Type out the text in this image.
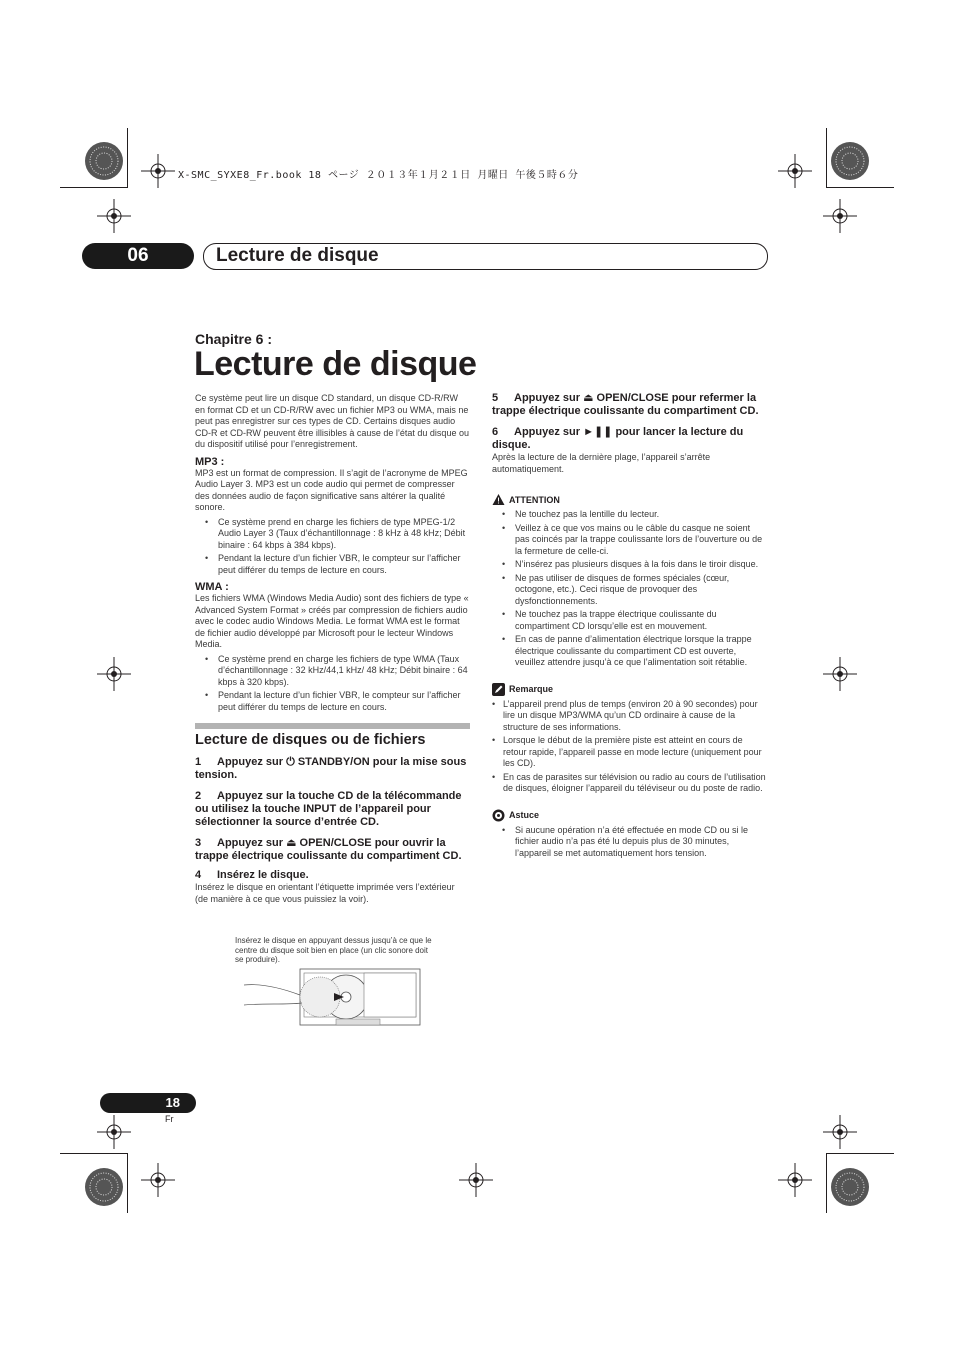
X-SMC_SYXE8_Fr.book 18 ページ ２０１３年１月２１日 月曜日 午後５時６分
06	Lecture de disque
Chapitre 6 :
Lecture de disque

Ce système peut lire un disque CD standard, un disque CD-R/RW en format CD et un CD-R/RW avec un fichier MP3 ou WMA, mais ne peut pas enregistrer sur ces types de CD. Certains disques audio CD-R et CD-RW peuvent être illisibles à cause de l’état du disque ou du dispositif utilisé pour l’enregistrement.

MP3 :

MP3 est un format de compression. Il s’agit de l’acronyme de MPEG Audio Layer 3. MP3 est un code audio qui permet de compresser des données audio de façon significative sans altérer la qualité sonore.

• Ce système prend en charge les fichiers de type MPEG-1/2 Audio Layer 3 (Taux d’échantillonnage : 8 kHz à 48 kHz; Débit binaire : 64 kbps à 384 kbps).
• Pendant la lecture d’un fichier VBR, le compteur sur l’afficher peut différer du temps de lecture en cours.

WMA :

Les fichiers WMA (Windows Media Audio) sont des fichiers de type « Advanced System Format » créés par compression de fichiers audio avec le codec audio Windows Media. Le format WMA est le format de fichier audio développé par Microsoft pour le lecteur Windows Media.

• Ce système prend en charge les fichiers de type WMA (Taux d’échantillonnage : 32 kHz/44,1 kHz/ 48 kHz; Débit binaire : 64 kbps à 320 kbps).
• Pendant la lecture d’un fichier VBR, le compteur sur l’afficher peut différer du temps de lecture en cours.

Lecture de disques ou de fichiers

1 Appuyez sur ⏻ STANDBY/ON pour la mise sous tension.

2 Appuyez sur la touche CD de la télécommande ou utilisez la touche INPUT de l’appareil pour sélectionner la source d’entrée CD.

3 Appuyez sur ⏏ OPEN/CLOSE pour ouvrir la trappe électrique coulissante du compartiment CD.

4 Insérez le disque.

Insérez le disque en orientant l’étiquette imprimée vers l’extérieur (de manière à ce que vous puissiez la voir).

Insérez le disque en appuyant dessus jusqu’à ce que le centre du disque soit bien en place (un clic sonore doit se produire).

5 Appuyez sur ⏏ OPEN/CLOSE pour refermer la trappe électrique coulissante du compartiment CD.

6 Appuyez sur ►❚❚ pour lancer la lecture du disque.

Après la lecture de la dernière plage, l’appareil s’arrête automatiquement.

ATTENTION
• Ne touchez pas la lentille du lecteur.
• Veillez à ce que vos mains ou le câble du casque ne soient pas coincés par la trappe coulissante lors de l’ouverture ou de la fermeture de celle-ci.
• N’insérez pas plusieurs disques à la fois dans le tiroir disque.
• Ne pas utiliser de disques de formes spéciales (cœur, octogone, etc.). Ceci risque de provoquer des dysfonctionnements.
• Ne touchez pas la trappe électrique coulissante du compartiment CD lorsqu’elle est en mouvement.
• En cas de panne d’alimentation électrique lorsque la trappe électrique coulissante du compartiment CD est ouverte, veuillez attendre jusqu’à ce que l’alimentation soit rétablie.
Remarque
• L’appareil prend plus de temps (environ 20 à 90 secondes) pour lire un disque MP3/WMA qu’un CD ordinaire à cause de la structure de ses informations.
• Lorsque le début de la première piste est atteint en cours de retour rapide, l’appareil passe en mode lecture (uniquement pour les CD).
• En cas de parasites sur télévision ou radio au cours de l’utilisation de disques, éloigner l’appareil du téléviseur ou du poste de radio.
Astuce
• Si aucune opération n’a été effectuée en mode CD ou si le fichier audio n’a pas été lu depuis plus de 30 minutes, l’appareil se met automatiquement hors tension.
18
Fr
